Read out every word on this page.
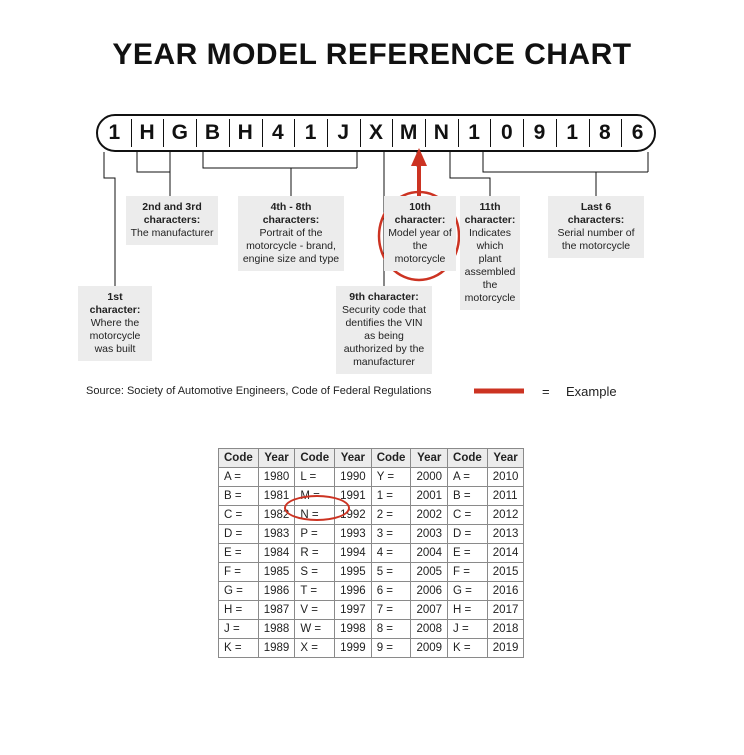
YEAR MODEL REFERENCE CHART
1 H G B H 4	1	J X M N 1	0	9	1	8	6
1st character:
Where the motorcycle was built
2nd and 3rd characters:
The manufacturer
4th - 8th characters:
Portrait of the motorcycle - brand, engine size and type
9th character: Security code that dentifies the VIN as being authorized by the manufacturer
10th character:
Model year of the motorcycle
11th character:
Indicates which plant assembled the motorcycle
Last 6 characters:
Serial number of the motorcycle
Source: Society of Automotive Engineers, Code of Federal Regulations	= Example
Code	Year	Code	Year	Code	Year	Code	Year
A =	1980	L =	1990	Y =	2000	A =	2010
B =	1981	M =	1991	1 =	2001	B =	2011
C =	1982	N =	1992	2 =	2002	C =	2012
D =	1983	P =	1993	3 =	2003	D =	2013
E =	1984	R =	1994	4 =	2004	E =	2014
F =	1985	S =	1995	5 =	2005	F =	2015
G =	1986	T =	1996	6 =	2006	G =	2016
H =	1987	V =	1997	7 =	2007	H =	2017
J =	1988	W =	1998	8 =	2008	J =	2018
K =	1989	X =	1999	9 =	2009	K =	2019
